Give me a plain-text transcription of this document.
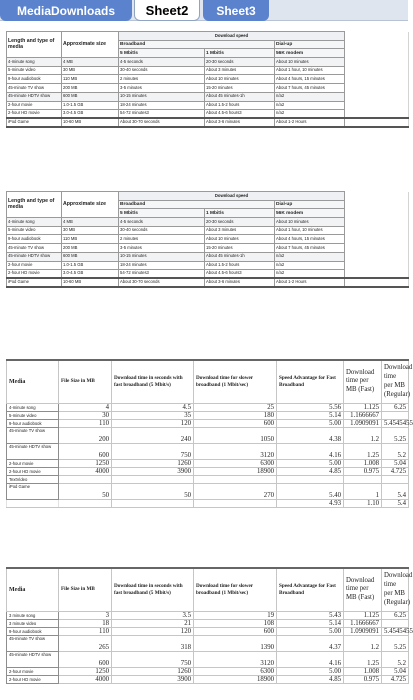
MediaDownloads	Sheet2	Sheet3
Length and type of media	Approximate size	Download speed			
		Broadband		Dial-up	
		5 Mbit/s	1 Mbit/s	56K modem	
4-minute song	4 MB	4-5 seconds	20-30 seconds	About 10 minutes	
5-minute video	30 MB	30-40 seconds	About 3 minutes	About 1 hour, 10 minutes	
9-hour audiobook	110 MB	2 minutes	About 10 minutes	About 4 hours, 15 minutes	
45-minute TV show	200 MB	3-5 minutes	15-20 minutes	About 7 hours, 45 minutes	
45-minute HDTV show	600 MB	10-15 minutes	About 45 minutes-1h	n/a2	
2-hour movie	1.0-1.5 GB	18-24 minutes	About 1.5-2 hours	n/a2	
2-hour HD movie	3.0-4.5 GB	54-72 minutes3	About 4.5-6 hours3	n/a2	
iPod Game	10-60 MB	About 30-70 seconds	About 3-6 minutes	About 1-2 Hours	
Length and type of media	Approximate size	Download speed			
		Broadband		Dial-up	
		5 Mbit/s	1 Mbit/s	56K modem	
4-minute song	4 MB	4-5 seconds	20-30 seconds	About 10 minutes	
5-minute video	30 MB	30-40 seconds	About 3 minutes	About 1 hour, 10 minutes	
9-hour audiobook	110 MB	2 minutes	About 10 minutes	About 4 hours, 15 minutes	
45-minute TV show	200 MB	3-5 minutes	15-20 minutes	About 7 hours, 45 minutes	
45-minute HDTV show	600 MB	10-15 minutes	About 45 minutes-1h	n/a2	
2-hour movie	1.0-1.5 GB	18-24 minutes	About 1.5-2 hours	n/a2	
2-hour HD movie	3.0-4.5 GB	54-72 minutes3	About 4.5-6 hours3	n/a2	
iPod Game	10-60 MB	About 30-70 seconds	About 3-6 minutes	About 1-2 Hours	
Media	File Size in MB	Download time in seconds with fast broadband (5 Mbit/s)	Download time for slower broadband (1 Mbit/sec)	Speed Advantage for Fast Broadband	Download time per MB (Fast)	Download time per MB (Regular)
4-minute song	4	4.5	25	5.56	1.125	6.25
5-minute video	30	35	180	5.14	1.1666667	
9-hour audiobook	110	120	600	5.00	1.0909091	5.4545455
45-minute TV show	200	240	1050	4.38	1.2	5.25
45-minute HDTV show	600	750	3120	4.16	1.25	5.2
2-hour movie	1250	1260	6300	5.00	1.008	5.04
2-hour HD movie	4000	3900	18900	4.85	0.975	4.725
TextVideo						
iPod Game	50	50	270	5.40	1	5.4
				4.93	1.10	5.4
Media	File Size in MB	Download time in seconds with fast broadband (5 Mbit/s)	Download time for slower broadband (1 Mbit/sec)	Speed Advantage for Fast Broadband	Download time per MB (Fast)	Download time per MB (Regular)
3 minute song	3	3.5	19	5.43	1.125	6.25
3 minute video	18	21	108	5.14	1.1666667	
9-hour audiobook	110	120	600	5.00	1.0909091	5.4545455
45-minute TV show	265	318	1390	4.37	1.2	5.25
45-minute HDTV show	600	750	3120	4.16	1.25	5.2
2-hour movie	1250	1260	6300	5.00	1.008	5.04
2-hour HD movie	4000	3900	18900	4.85	0.975	4.725
